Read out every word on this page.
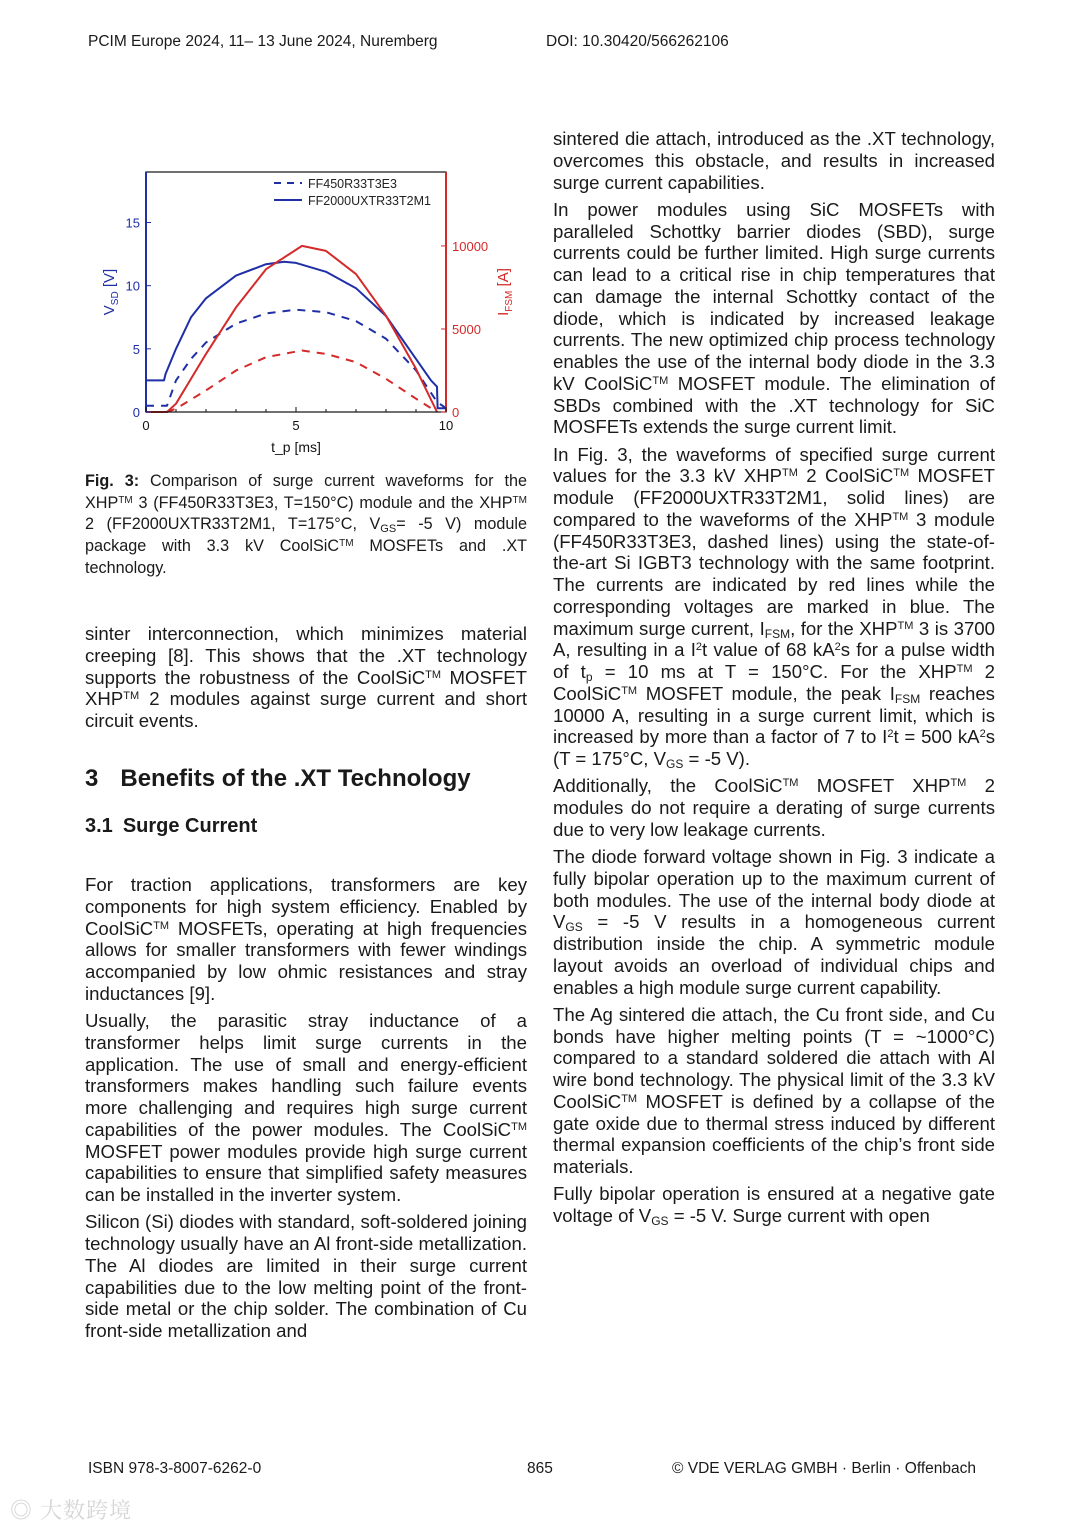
PCIM Europe 2024, 11– 13 June 2024, Nuremberg	DOI: 10.30420/566262106
0	5	10
0
5
10
15
0
5000
10000
t_p [ms]
$V_{SD}$ [V]
$I_{FSM}$ [A]
FF450R33T3E3
FF2000UXTR33T2M1
Fig. 3: Comparison of surge current waveforms for the XHP™ 3 (FF450R33T3E3, T=150°C) module and the XHP™ 2 (FF2000UXTR33T2M1, T=175°C, $V_{GS}= -5$ V) module package with 3.3 kV CoolSiC™ MOSFETs and .XT technology.

sinter interconnection, which minimizes material creeping [8]. This shows that the .XT technology supports the robustness of the CoolSiC™ MOSFET XHP™ 2 modules against surge current and short circuit events.

3 Benefits of the .XT Technology
3.1 Surge Current

For traction applications, transformers are key components for high system efficiency. Enabled by CoolSiC™ MOSFETs, operating at high frequencies allows for smaller transformers with fewer windings accompanied by low ohmic resistances and stray inductances [9].

Usually, the parasitic stray inductance of a transformer helps limit surge currents in the application. The use of small and energy-efficient transformers makes handling such failure events more challenging and requires high surge current capabilities of the power modules. The CoolSiC™ MOSFET power modules provide high surge current capabilities to ensure that simplified safety measures can be installed in the inverter system.

Silicon (Si) diodes with standard, soft-soldered joining technology usually have an Al front-side metallization. The Al diodes are limited in their surge current capabilities due to the low melting point of the front-side metal or the chip solder. The combination of Cu front-side metallization and

sintered die attach, introduced as the .XT technology, overcomes this obstacle, and results in increased surge current capabilities.

In power modules using SiC MOSFETs with paralleled Schottky barrier diodes (SBD), surge currents could be further limited. High surge currents can lead to a critical rise in chip temperatures that can damage the internal Schottky contact of the diode, which is indicated by increased leakage currents. The new optimized chip process technology enables the use of the internal body diode in the 3.3 kV CoolSiC™ MOSFET module. The elimination of SBDs combined with the .XT technology for SiC MOSFETs extends the surge current limit.

In Fig. 3, the waveforms of specified surge current values for the 3.3 kV XHP™ 2 CoolSiC™ MOSFET module (FF2000UXTR33T2M1, solid lines) are compared to the waveforms of the XHP™ 3 module (FF450R33T3E3, dashed lines) using the state-of-the-art Si IGBT3 technology with the same footprint. The currents are indicated by red lines while the corresponding voltages are marked in blue. The maximum surge current, $I_{FSM}$, for the XHP™ 3 is 3700 A, resulting in a $I^2t$ value of 68 $kA^2s$ for a pulse width of $t_p = 10$ ms at T = 150°C. For the XHP™ 2 CoolSiC™ MOSFET module, the peak $I_{FSM}$ reaches 10000 A, resulting in a surge current limit, which is increased by more than a factor of 7 to $I^2t = 500$ $kA^2s$ (T = 175°C, $V_{GS} = -5$ V).

Additionally, the CoolSiC™ MOSFET XHP™ 2 modules do not require a derating of surge currents due to very low leakage currents.

The diode forward voltage shown in Fig. 3 indicate a fully bipolar operation up to the maximum current of both modules. The use of the internal body diode at $V_{GS} = -5$ V results in a homogeneous current distribution inside the chip. A symmetric module layout avoids an overload of individual chips and enables a high module surge current capability.

The Ag sintered die attach, the Cu front side, and Cu bonds have higher melting points (T = ~1000°C) compared to a standard soldered die attach with Al wire bond technology. The physical limit of the 3.3 kV CoolSiC™ MOSFET is defined by a collapse of the gate oxide due to thermal stress induced by different thermal expansion coefficients of the chip’s front side materials.

Fully bipolar operation is ensured at a negative gate voltage of $V_{GS} = -5$ V. Surge current with open

ISBN 978-3-8007-6262-0	865	© VDE VERLAG GMBH · Berlin · Offenbach
◎ 大数跨境
